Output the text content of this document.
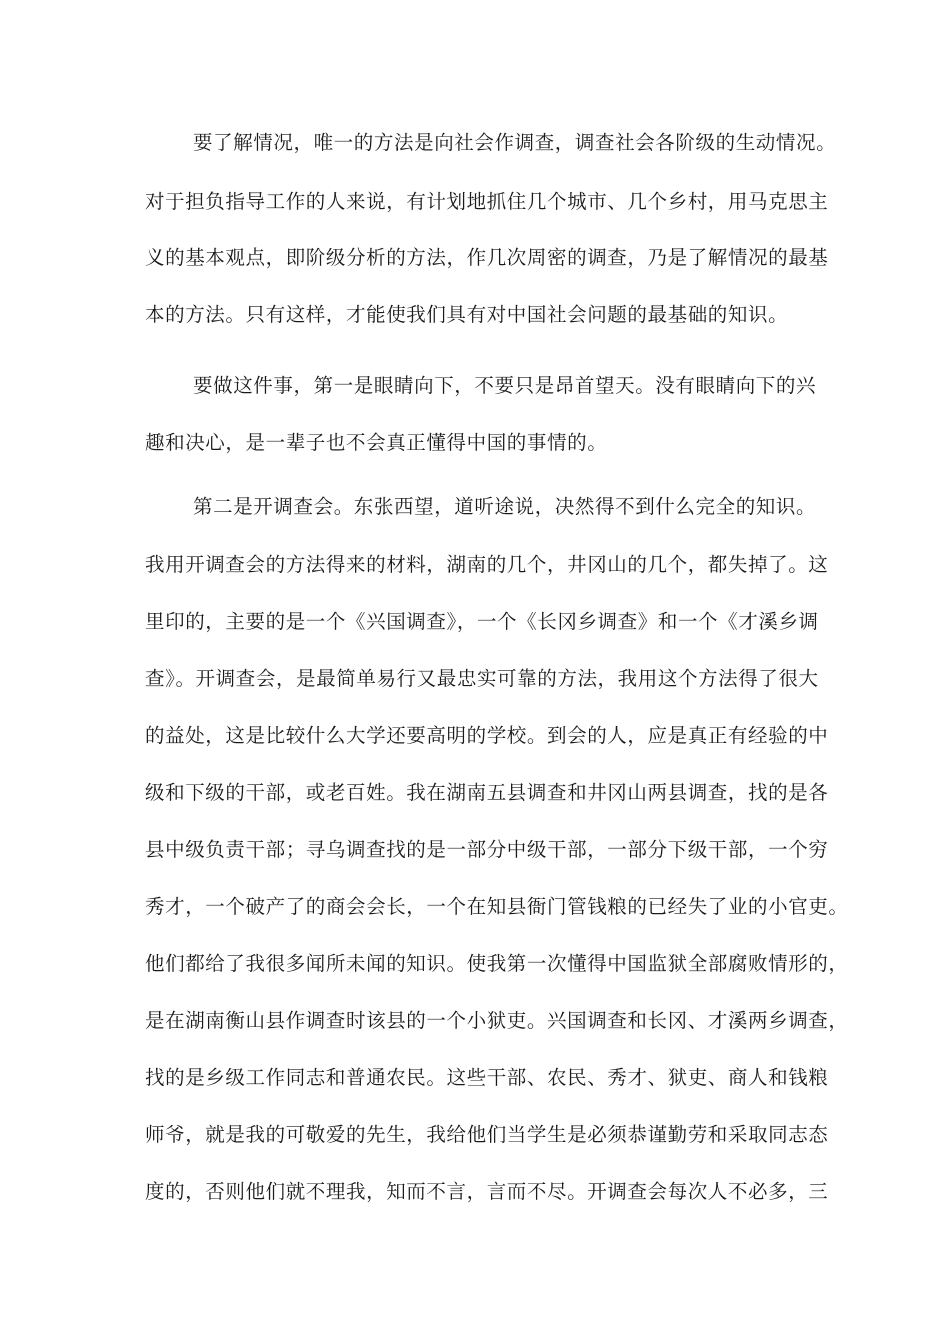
要了解情况，唯一的方法是向社会作调查，调查社会各阶级的生动情况。
对于担负指导工作的人来说，有计划地抓住几个城市、几个乡村，用马克思主
义的基本观点，即阶级分析的方法，作几次周密的调查，乃是了解情况的最基
本的方法。只有这样，才能使我们具有对中国社会问题的最基础的知识。
要做这件事，第一是眼睛向下，不要只是昂首望天。没有眼睛向下的兴
趣和决心，是一辈子也不会真正懂得中国的事情的。
第二是开调查会。东张西望，道听途说，决然得不到什么完全的知识。
我用开调查会的方法得来的材料，湖南的几个，井冈山的几个，都失掉了。这
里印的，主要的是一个《兴国调查》，一个《长冈乡调查》和一个《才溪乡调
查》。开调查会，是最简单易行又最忠实可靠的方法，我用这个方法得了很大
的益处，这是比较什么大学还要高明的学校。到会的人，应是真正有经验的中
级和下级的干部，或老百姓。我在湖南五县调查和井冈山两县调查，找的是各
县中级负责干部；寻乌调查找的是一部分中级干部，一部分下级干部，一个穷
秀才，一个破产了的商会会长，一个在知县衙门管钱粮的已经失了业的小官吏。
他们都给了我很多闻所未闻的知识。使我第一次懂得中国监狱全部腐败情形的，
是在湖南衡山县作调查时该县的一个小狱吏。兴国调查和长冈、才溪两乡调查，
找的是乡级工作同志和普通农民。这些干部、农民、秀才、狱吏、商人和钱粮
师爷，就是我的可敬爱的先生，我给他们当学生是必须恭谨勤劳和采取同志态
度的，否则他们就不理我，知而不言，言而不尽。开调查会每次人不必多，三
